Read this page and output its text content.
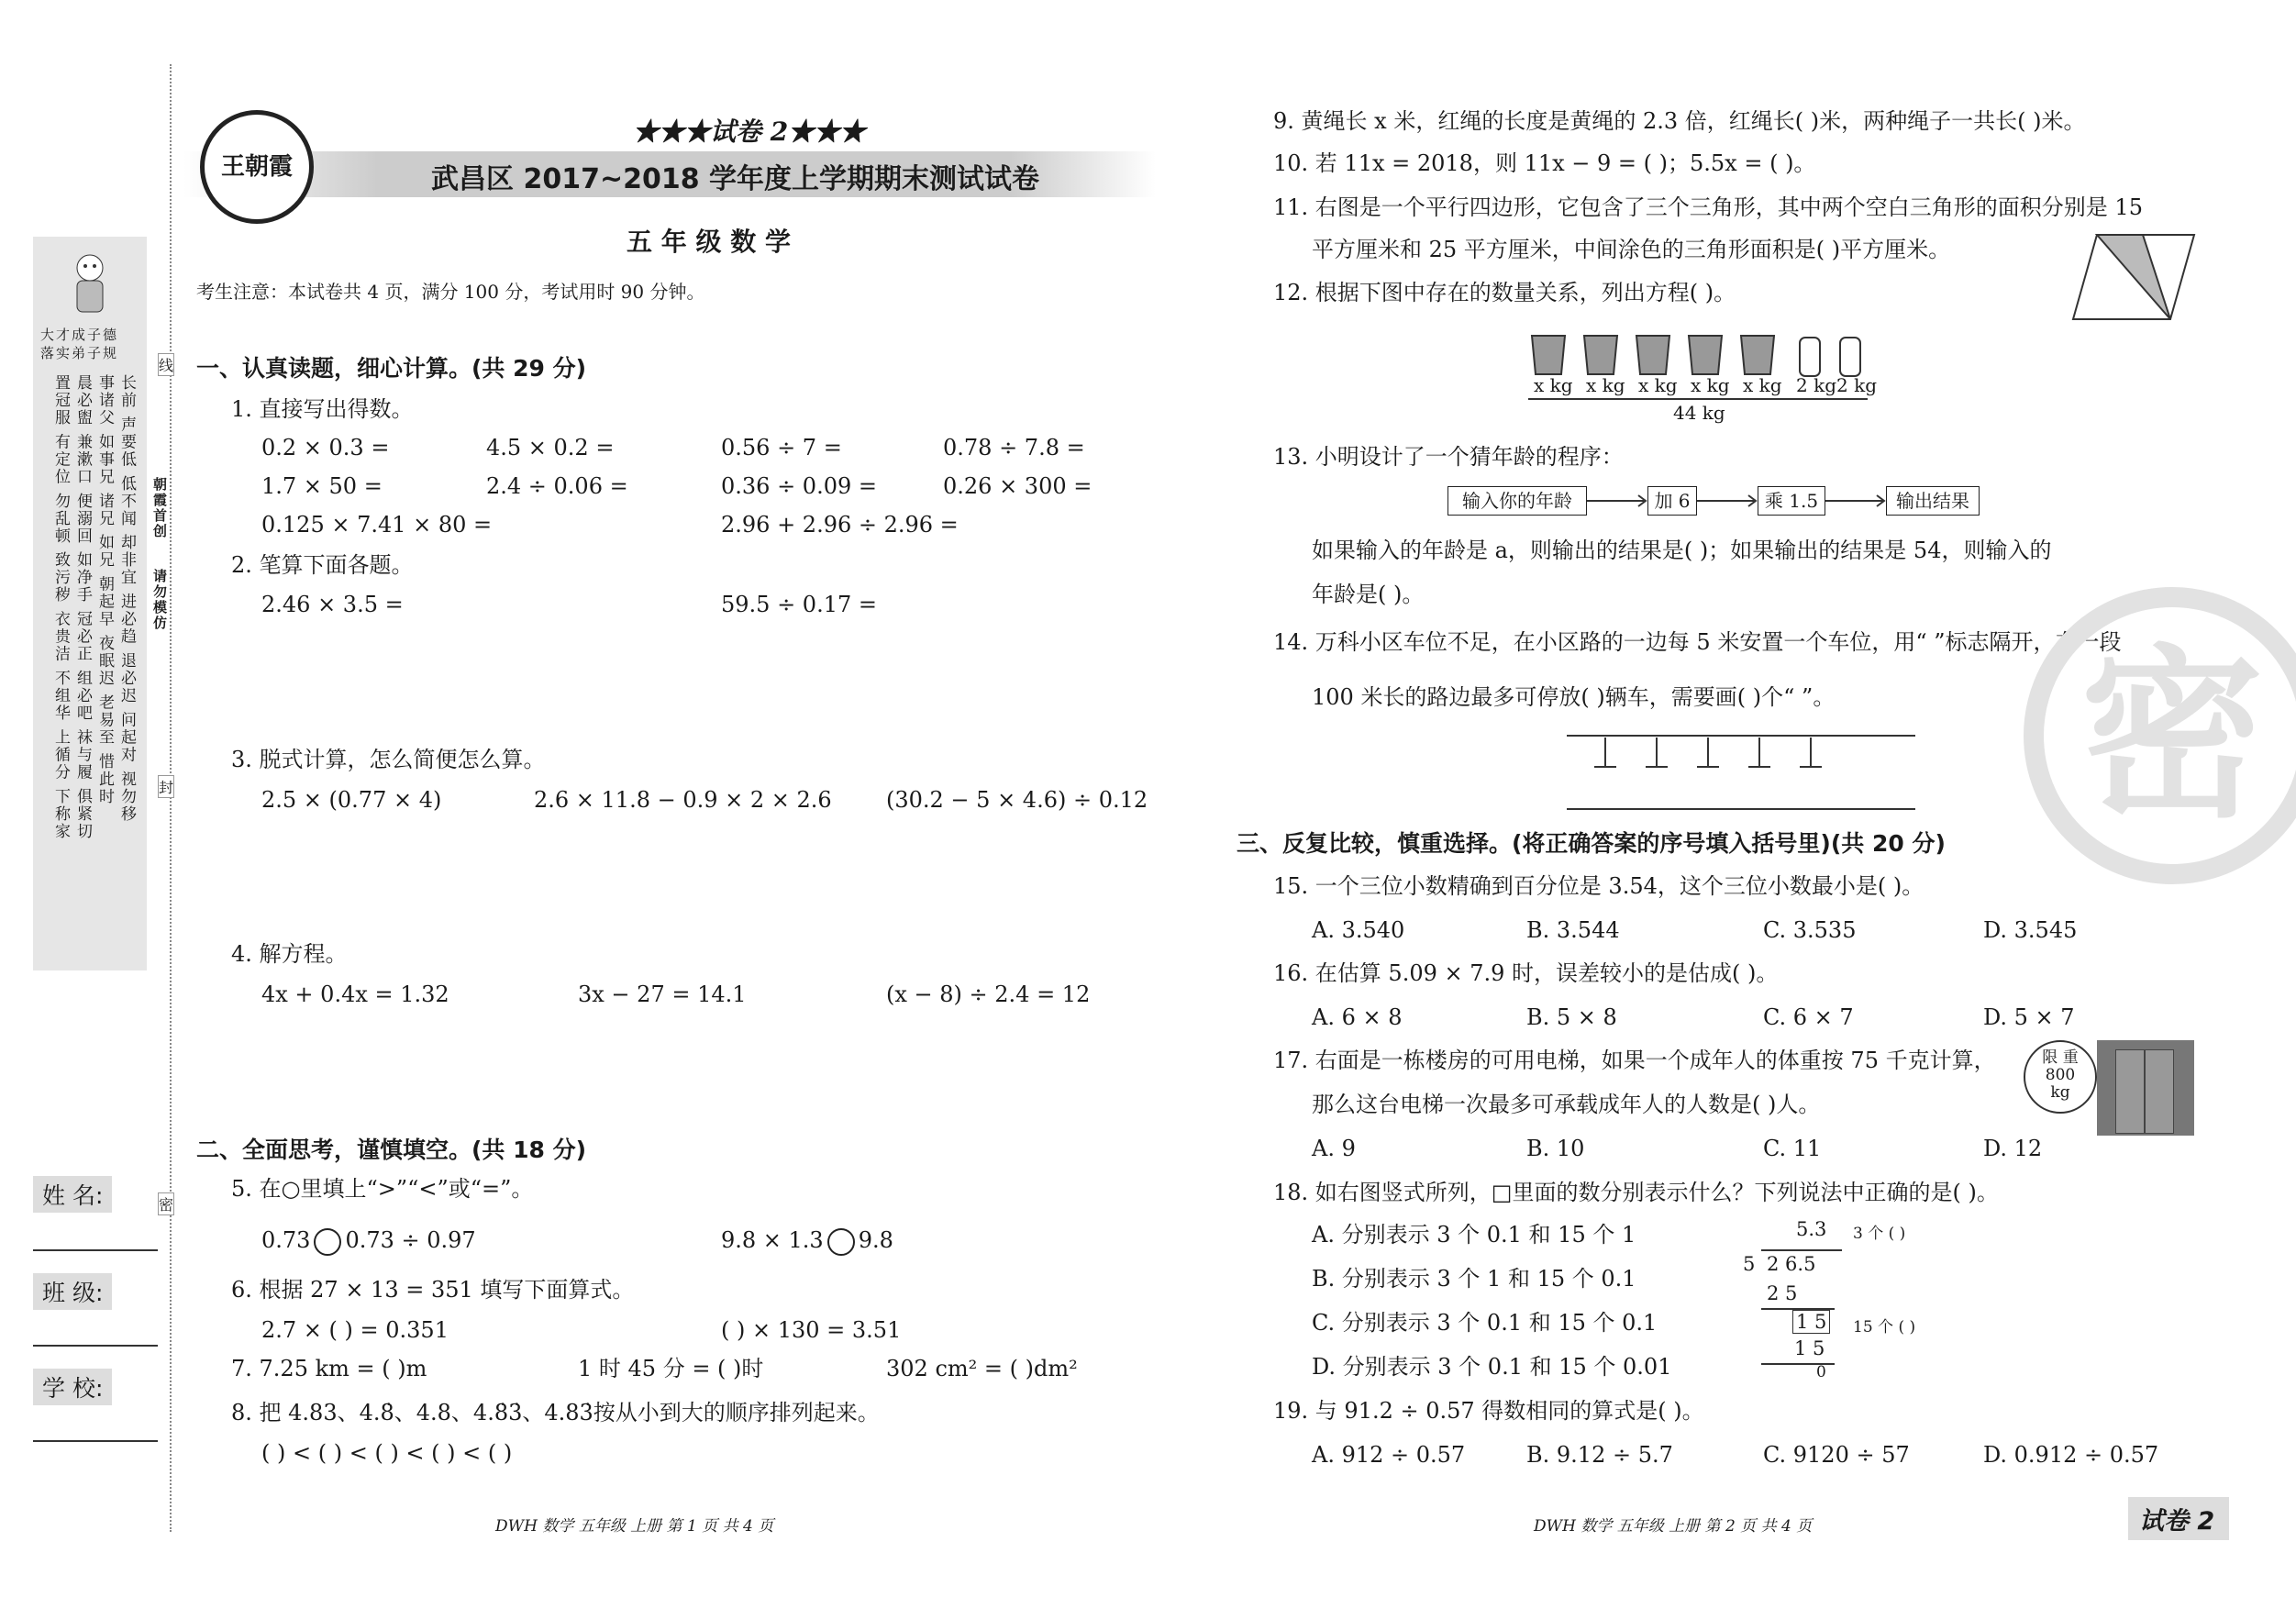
大才成子德
落实弟子规
长前 声要低 低不闻 却非宜 进必趋 退必迟 问起对 视勿移
事诸父 如事兄 诸兄 如兄 朝起早 夜眠迟 老易至 惜此时
晨必盥 兼漱口 便溺回 如净手 冠必正 组必吧 袜与履 俱紧切
置冠服 有定位 勿乱顿 致污秽 衣贵洁 不组华 上循分 下称家	朝霞首创
请勿模仿
线
封
密
姓 名:
班 级:
学 校:
王朝霞
★★★试卷 2★★★
武昌区 2017~2018 学年度上学期期末测试试卷
五 年 级 数 学
考生注意：本试卷共 4 页，满分 100 分，考试用时 90 分钟。
一、认真读题，细心计算。(共 29 分)
1. 直接写出得数。
0.2 × 0.3 =	4.5 × 0.2 =	0.56 ÷ 7 =	0.78 ÷ 7.8 =
1.7 × 50 =	2.4 ÷ 0.06 =	0.36 ÷ 0.09 =	0.26 × 300 =
0.125 × 7.41 × 80 =	2.96 + 2.96 ÷ 2.96 =
2. 笔算下面各题。
2.46 × 3.5 =	59.5 ÷ 0.17 =
3. 脱式计算，怎么简便怎么算。
2.5 × (0.77 × 4)	2.6 × 11.8 − 0.9 × 2 × 2.6 (30.2 − 5 × 4.6) ÷ 0.12
4. 解方程。
4x + 0.4x = 1.32	3x − 27 = 14.1	(x − 8) ÷ 2.4 = 12
二、全面思考，谨慎填空。(共 18 分)
5. 在○里填上“>”“<”或“=”。
0.73 0.73 ÷ 0.97	9.8 × 1.3 9.8
6. 根据 27 × 13 = 351 填写下面算式。
2.7 × ( ) = 0.351	( ) × 130 = 3.51
7. 7.25 km = ( )m	1 时 45 分 = ( )时	302 cm² = ( )dm²
8. 把 4.83、4.8̇、4.8、4.8̇3̇、4.83̇按从小到大的顺序排列起来。
( ) < ( ) < ( ) < ( ) < ( )
DWH 数学 五年级 上册 第 1 页 共 4 页
9. 黄绳长 x 米，红绳的长度是黄绳的 2.3 倍，红绳长( )米，两种绳子一共长( )米。
10. 若 11x = 2018，则 11x − 9 = ( )；5.5x = ( )。
11. 右图是一个平行四边形，它包含了三个三角形，其中两个空白三角形的面积分别是 15
平方厘米和 25 平方厘米，中间涂色的三角形面积是( )平方厘米。
12. 根据下图中存在的数量关系，列出方程( )。
x kg x kg x kg x kg x kg 2 kg 2 kg
44 kg
13. 小明设计了一个猜年龄的程序：
输入你的年龄	加 6	乘 1.5	输出结果
如果输入的年龄是 a，则输出的结果是( )；如果输出的结果是 54，则输入的
年龄是( )。
14. 万科小区车位不足，在小区路的一边每 5 米安置一个车位，用“ ”标志隔开，在一段
100 米长的路边最多可停放( )辆车，需要画( )个“ ”。
三、反复比较，慎重选择。(将正确答案的序号填入括号里)(共 20 分)
15. 一个三位小数精确到百分位是 3.54，这个三位小数最小是( )。
A. 3.540	B. 3.544	C. 3.535	D. 3.545
16. 在估算 5.09 × 7.9 时，误差较小的是估成( )。
A. 6 × 8	B. 5 × 8	C. 6 × 7	D. 5 × 7
17. 右面是一栋楼房的可用电梯，如果一个成年人的体重按 75 千克计算，
那么这台电梯一次最多可承载成年人的人数是( )人。
限 重
800
kg
A. 9	B. 10	C. 11	D. 12
18. 如右图竖式所列，□里面的数分别表示什么？下列说法中正确的是( )。
A. 分别表示 3 个 0.1 和 15 个 1
B. 分别表示 3 个 1 和 15 个 0.1
C. 分别表示 3 个 0.1 和 15 个 0.1
D. 分别表示 3 个 0.1 和 15 个 0.01
5.3 3 个 ( )
5 2 6.5
2 5
1 5 15 个 ( )
1 5
0
19. 与 91.2 ÷ 0.57 得数相同的算式是( )。
A. 912 ÷ 0.57	B. 9.12 ÷ 5.7	C. 9120 ÷ 57	D. 0.912 ÷ 0.57
DWH 数学 五年级 上册 第 2 页 共 4 页	试卷 2
密
